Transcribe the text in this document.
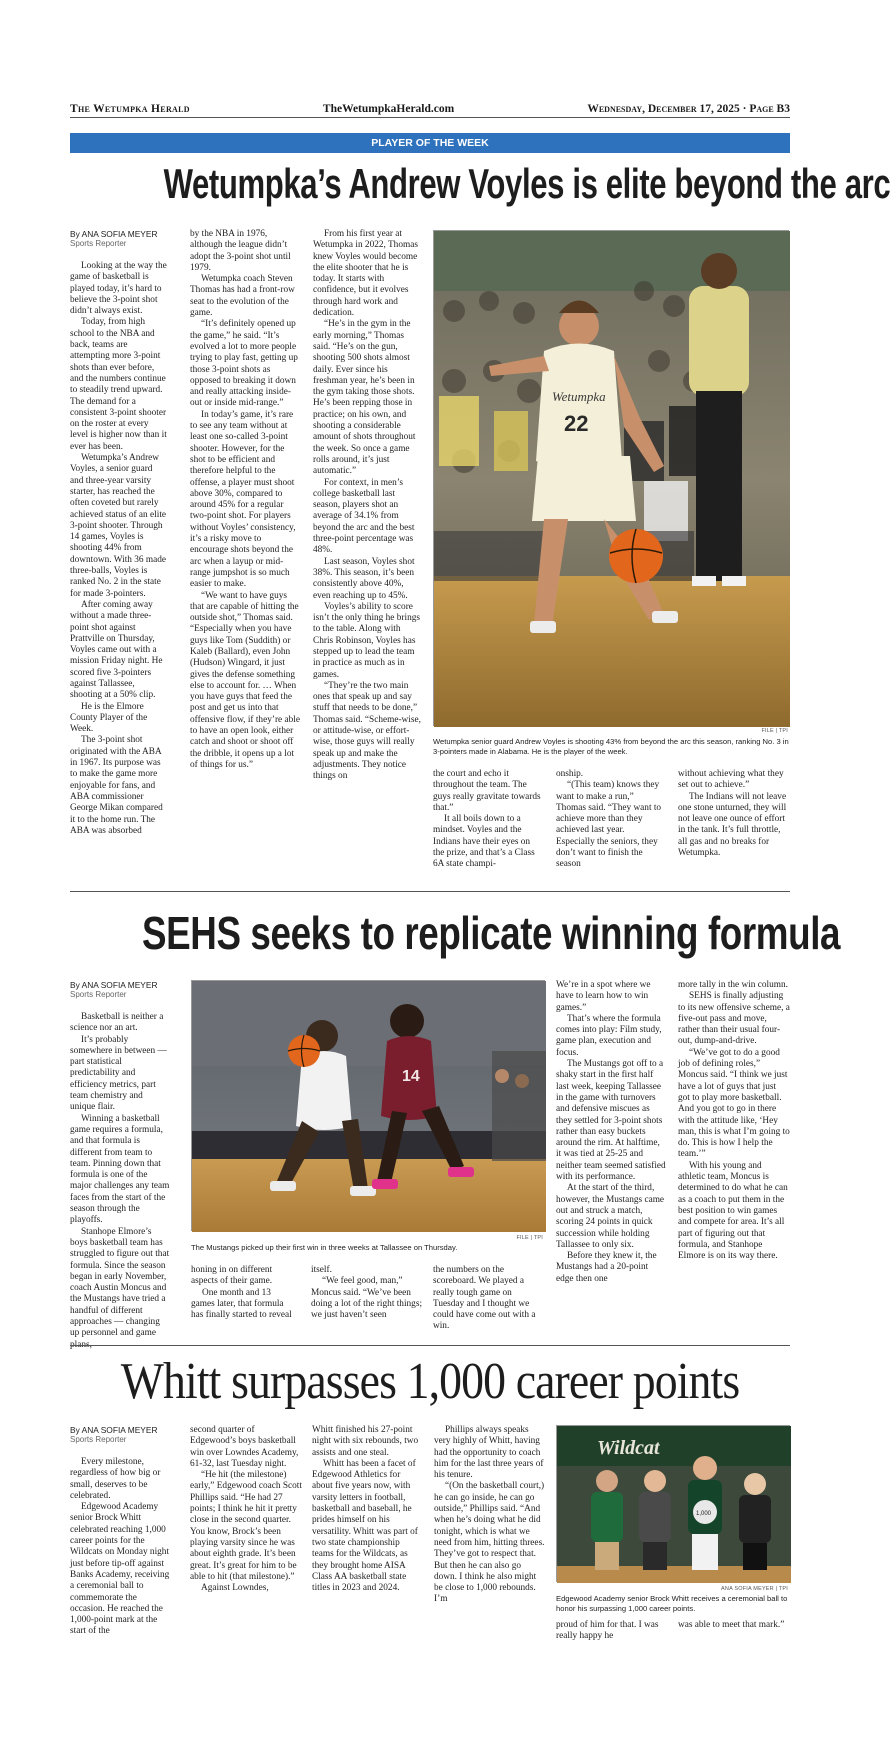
The Wetumpka Herald	TheWetumpkaHerald.com	Wednesday, December 17, 2025 · Page B3
PLAYER OF THE WEEK
Wetumpka’s Andrew Voyles is elite beyond the arc
By ANA SOFIA MEYER
Sports Reporter
Looking at the way the game of basketball is played today, it’s hard to believe the 3-point shot didn’t always exist.
Today, from high school to the NBA and back, teams are attempting more 3-point shots than ever before, and the numbers continue to steadily trend upward. The demand for a consistent 3-point shooter on the roster at every level is higher now than it ever has been.
Wetumpka’s Andrew Voyles, a senior guard and three-year varsity starter, has reached the often coveted but rarely achieved status of an elite 3-point shooter. Through 14 games, Voyles is shooting 44% from downtown. With 36 made three-balls, Voyles is ranked No. 2 in the state for made 3-pointers.
After coming away without a made three-point shot against Prattville on Thursday, Voyles came out with a mission Friday night. He scored five 3-pointers against Tallassee, shooting at a 50% clip.
He is the Elmore County Player of the Week.
The 3-point shot originated with the ABA in 1967. Its purpose was to make the game more enjoyable for fans, and ABA commissioner George Mikan compared it to the home run. The ABA was absorbed
by the NBA in 1976, although the league didn’t adopt the 3-point shot until 1979.
Wetumpka coach Steven Thomas has had a front-row seat to the evolution of the game.
“It’s definitely opened up the game,” he said. “It’s evolved a lot to more people trying to play fast, getting up those 3-point shots as opposed to breaking it down and really attacking inside-out or inside mid-range.”
In today’s game, it’s rare to see any team without at least one so-called 3-point shooter. However, for the shot to be efficient and therefore helpful to the offense, a player must shoot above 30%, compared to around 45% for a regular two-point shot. For players without Voyles’ consistency, it’s a risky move to encourage shots beyond the arc when a layup or mid-range jumpshot is so much easier to make.
“We want to have guys that are capable of hitting the outside shot,” Thomas said. “Especially when you have guys like Tom (Suddith) or Kaleb (Ballard), even John (Hudson) Wingard, it just gives the defense something else to account for. … When you have guys that feed the post and get us into that offensive flow, if they’re able to have an open look, either catch and shoot or shoot off the dribble, it opens up a lot of things for us.”
From his first year at Wetumpka in 2022, Thomas knew Voyles would become the elite shooter that he is today. It starts with confidence, but it evolves through hard work and dedication.
“He’s in the gym in the early morning,” Thomas said. “He’s on the gun, shooting 500 shots almost daily. Ever since his freshman year, he’s been in the gym taking those shots. He’s been repping those in practice; on his own, and shooting a considerable amount of shots throughout the week. So once a game rolls around, it’s just automatic.”
For context, in men’s college basketball last season, players shot an average of 34.1% from beyond the arc and the best three-point percentage was 48%.
Last season, Voyles shot 38%. This season, it’s been consistently above 40%, even reaching up to 45%.
Voyles’s ability to score isn’t the only thing he brings to the table. Along with Chris Robinson, Voyles has stepped up to lead the team in practice as much as in games.
“They’re the two main ones that speak up and say stuff that needs to be done,” Thomas said. “Scheme-wise, or attitude-wise, or effort-wise, those guys will really speak up and make the adjustments. They notice things on
Wetumpka
22
FILE | TPI
Wetumpka senior guard Andrew Voyles is shooting 43% from beyond the arc this season, ranking No. 3 in 3-pointers made in Alabama. He is the player of the week.
the court and echo it throughout the team. The guys really gravitate towards that.”
It all boils down to a mindset. Voyles and the Indians have their eyes on the prize, and that’s a Class 6A state champi-
onship.
“(This team) knows they want to make a run,” Thomas said. “They want to achieve more than they achieved last year. Especially the seniors, they don’t want to finish the season
without achieving what they set out to achieve.”
The Indians will not leave one stone unturned, they will not leave one ounce of effort in the tank. It’s full throttle, all gas and no breaks for Wetumpka.
SEHS seeks to replicate winning formula
By ANA SOFIA MEYER
Sports Reporter
Basketball is neither a science nor an art.
It’s probably somewhere in between — part statistical predictability and efficiency metrics, part team chemistry and unique flair.
Winning a basketball game requires a formula, and that formula is different from team to team. Pinning down that formula is one of the major challenges any team faces from the start of the season through the playoffs.
Stanhope Elmore’s boys basketball team has struggled to figure out that formula. Since the season began in early November, coach Austin Moncus and the Mustangs have tried a handful of different approaches — changing up personnel and game
14
FILE | TPI
The Mustangs picked up their first win in three weeks at Tallassee on Thursday.
honing in on different aspects of their game.
One month and 13 games later, that formula has finally started to reveal
itself.
“We feel good, man,” Moncus said. “We’ve been doing a lot of the right things; we just haven’t seen
the numbers on the scoreboard. We played a really tough game on Tuesday and I thought we could have come out with a win.
We’re in a spot where we have to learn how to win games.”
That’s where the formula comes into play: Film study, game plan, execution and focus.
The Mustangs got off to a shaky start in the first half last week, keeping Tallassee in the game with turnovers and defensive miscues as they settled for 3-point shots rather than easy buckets around the rim. At halftime, it was tied at 25-25 and neither team seemed satisfied with its performance.
At the start of the third, however, the Mustangs came out and struck a match, scoring 24 points in quick succession while holding Tallassee to only six.
Before they knew it, the Mustangs had a 20-point edge then one
more tally in the win column.
SEHS is finally adjusting to its new offensive scheme, a five-out pass and move, rather than their usual four-out, dump-and-drive.
“We’ve got to do a good job of defining roles,” Moncus said. “I think we just have a lot of guys that just got to play more basketball. And you got to go in there with the attitude like, ‘Hey man, this is what I’m going to do. This is how I help the team.’”
With his young and athletic team, Moncus is determined to do what he can as a coach to put them in the best position to win games and compete for area. It’s all part of figuring out that formula, and Stanhope Elmore is on its way there.
Whitt surpasses 1,000 career points
By ANA SOFIA MEYER
Sports Reporter
Every milestone, regardless of how big or small, deserves to be celebrated.
Edgewood Academy senior Brock Whitt celebrated reaching 1,000 career points for the Wildcats on Monday night just before tip-off against Banks Academy, receiving a ceremonial ball to commemorate the occasion. He reached the 1,000-point mark at the start of the
second quarter of Edgewood’s boys basketball win over Lowndes Academy, 61-32, last Tuesday night.
“He hit (the milestone) early,” Edgewood coach Scott Phillips said. “He had 27 points; I think he hit it pretty close in the second quarter. You know, Brock’s been playing varsity since he was about eighth grade. It’s been great. It’s great for him to be able to hit (that milestone).”
Against Lowndes,
Whitt finished his 27-point night with six rebounds, two assists and one steal.
Whitt has been a facet of Edgewood Athletics for about five years now, with varsity letters in football, basketball and baseball, he prides himself on his versatility. Whitt was part of two state championship teams for the Wildcats, as they brought home AISA Class AA basketball state titles in 2023 and 2024.
Phillips always speaks very highly of Whitt, having had the opportunity to coach him for the last three years of his tenure.
“(On the basketball court,) he can go inside, he can go outside,” Phillips said. “And when he’s doing what he did tonight, which is what we need from him, hitting threes. They’ve got to respect that. But then he can also go down. I think he also might be close to 1,000 rebounds. I’m
Wildcat
1,000
ANA SOFIA MEYER | TPI
Edgewood Academy senior Brock Whitt receives a ceremonial ball to honor his surpassing 1,000 career points.
proud of him for that. I was really happy he
was able to meet that mark.”
